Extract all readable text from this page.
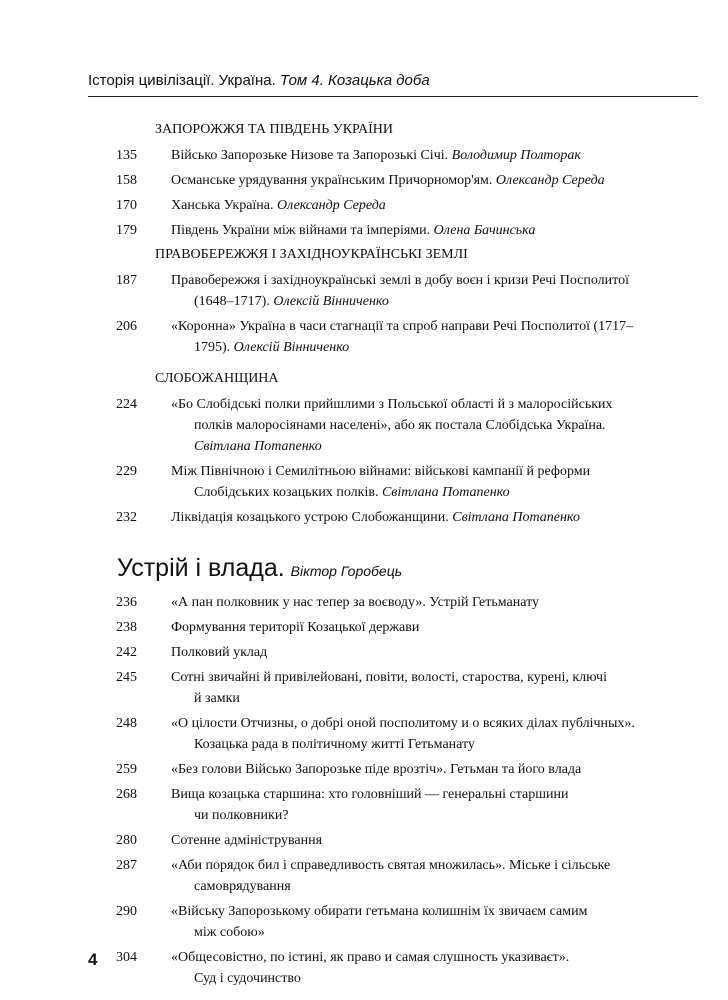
Історія цивілізації. Україна. Том 4. Козацька доба
ЗАПОРОЖЖЯ ТА ПІВДЕНЬ УКРАЇНИ
135 Військо Запорозьке Низове та Запорозькі Січі. Володимир Полторак
158 Османське урядування українським Причорномор'ям. Олександр Середа
170 Ханська Україна. Олександр Середа
179 Південь України між війнами та імперіями. Олена Бачинська
ПРАВОБЕРЕЖЖЯ І ЗАХІДНОУКРАЇНСЬКІ ЗЕМЛІ
187 Правобережжя і західноукраїнські землі в добу воєн і кризи Речі Посполитої
(1648–1717). Олексій Вінниченко
206 «Коронна» Україна в часи стагнації та спроб направи Речі Посполитої (1717–
1795). Олексій Вінниченко
СЛОБОЖАНЩИНА
224 «Бо Слобідські полки прийшлими з Польської області й з малоросійських
полків малоросіянами населені», або як постала Слобідська Україна.
Світлана Потапенко
229 Між Північною і Семилітньою війнами: військові кампанії й реформи
Слобідських козацьких полків. Світлана Потапенко
232 Ліквідація козацького устрою Слобожанщини. Світлана Потапенко
236 «А пан полковник у нас тепер за воєводу». Устрій Гетьманату
238 Формування території Козацької держави
242 Полковий уклад
245 Сотні звичайні й привілейовані, повіти, волості, староства, курені, ключі
й замки
248 «О цілости Отчизны, о добрі оной посполитому и о всяких ділах публічных».
Козацька рада в політичному житті Гетьманату
259 «Без голови Військо Запорозьке піде врозтіч». Гетьман та його влада
268 Вища козацька старшина: хто головніший — генеральні старшини
чи полковники?
280 Сотенне адміністрування
287 «Аби порядок бил і справедливость святая множилась». Міське і сільське
самоврядування
290 «Війську Запорозькому обирати гетьмана колишнім їх звичаєм самим
між собою»
304 «Общесовістно, по істині, як право и самая слушность указиваєт».
Суд і судочинство
Устрій і влада. Віктор Горобець
4
